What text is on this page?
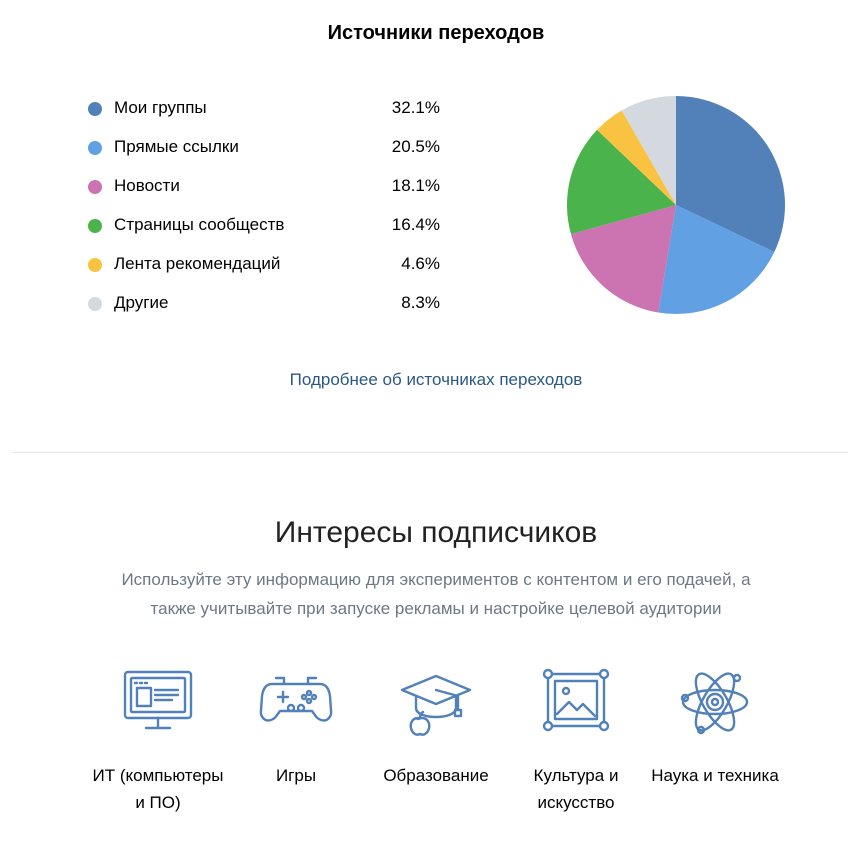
Источники переходов
Мои группы	32.1%
Прямые ссылки	20.5%
Новости	18.1%
Страницы сообществ	16.4%
Лента рекомендаций	4.6%
Другие	8.3%
Подробнее об источниках переходов
Интересы подписчиков
Используйте эту информацию для экспериментов с контентом и его подачей, а также учитывайте при запуске рекламы и настройке целевой аудитории
ИТ (компьютеры и ПО)
Игры	Образование	Культура и искусство
Наука и техника
